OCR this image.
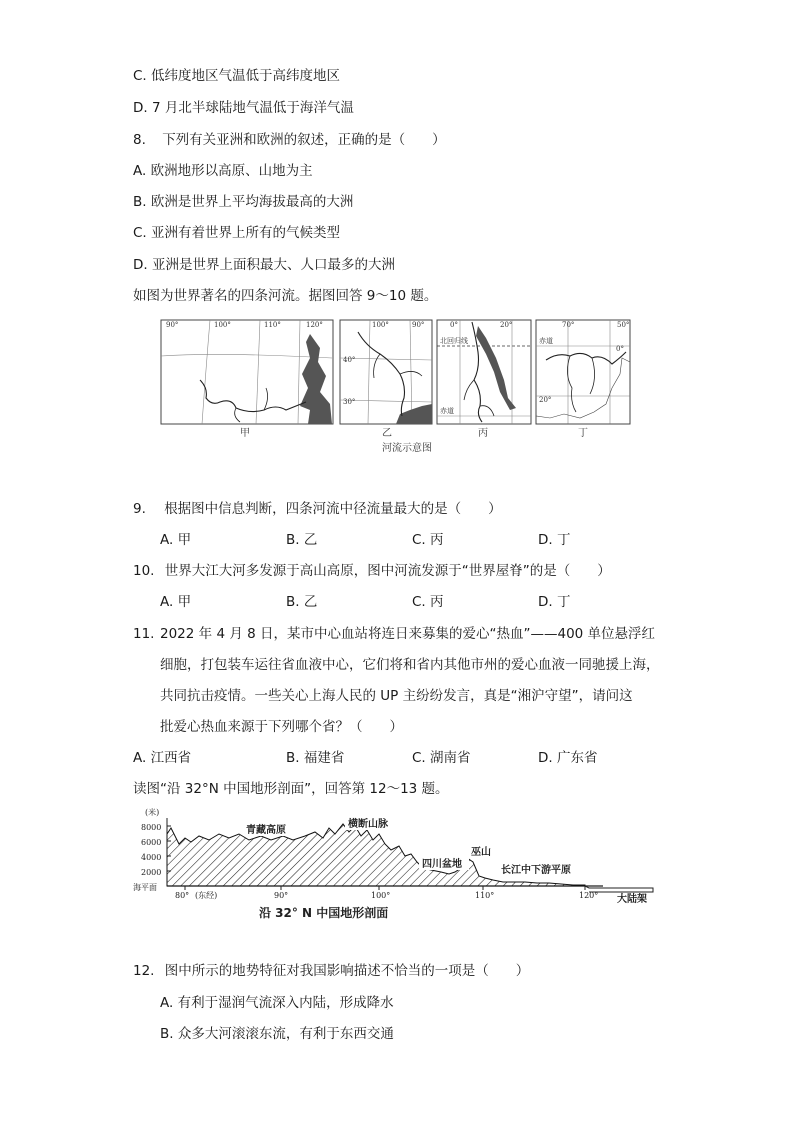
C. 低纬度地区气温低于高纬度地区
D. 7 月北半球陆地气温低于海洋气温
8. 下列有关亚洲和欧洲的叙述，正确的是（　　）
A. 欧洲地形以高原、山地为主
B. 欧洲是世界上平均海拔最高的大洲
C. 亚洲有着世界上所有的气候类型
D. 亚洲是世界上面积最大、人口最多的大洲
如图为世界著名的四条河流。据图回答 9～10 题。
90°	100°	110°	120°
甲
100°	90°
40°
30°
乙
0°	20°
北回归线
赤道
丙
50°
赤道
0°
20°
70°
丁
河流示意图
9. 根据图中信息判断，四条河流中径流量最大的是（　　）
A. 甲	B. 乙	C. 丙	D. 丁
10. 世界大江大河多发源于高山高原，图中河流发源于“世界屋脊”的是（　　）
A. 甲	B. 乙	C. 丙	D. 丁
11. 2022 年 4 月 8 日，某市中心血站将连日来募集的爱心“热血”——400 单位悬浮红
细胞，打包装车运往省血液中心，它们将和省内其他市州的爱心血液一同驰援上海，
共同抗击疫情。一些关心上海人民的 UP 主纷纷发言，真是“湘沪守望”，请问这
批爱心热血来源于下列哪个省？（　　）
A. 江西省	B. 福建省	C. 湖南省	D. 广东省
读图“沿 32°N 中国地形剖面”，回答第 12～13 题。
(米)
8000
6000
4000
2000
海平面
80° (东经)	90°	100°	110°	120°
青藏高原
横断山脉
四川盆地
巫山
长江中下游平原
大陆架
沿 32° N 中国地形剖面
12. 图中所示的地势特征对我国影响描述不恰当的一项是（　　）
A. 有利于湿润气流深入内陆，形成降水
B. 众多大河滚滚东流，有利于东西交通
